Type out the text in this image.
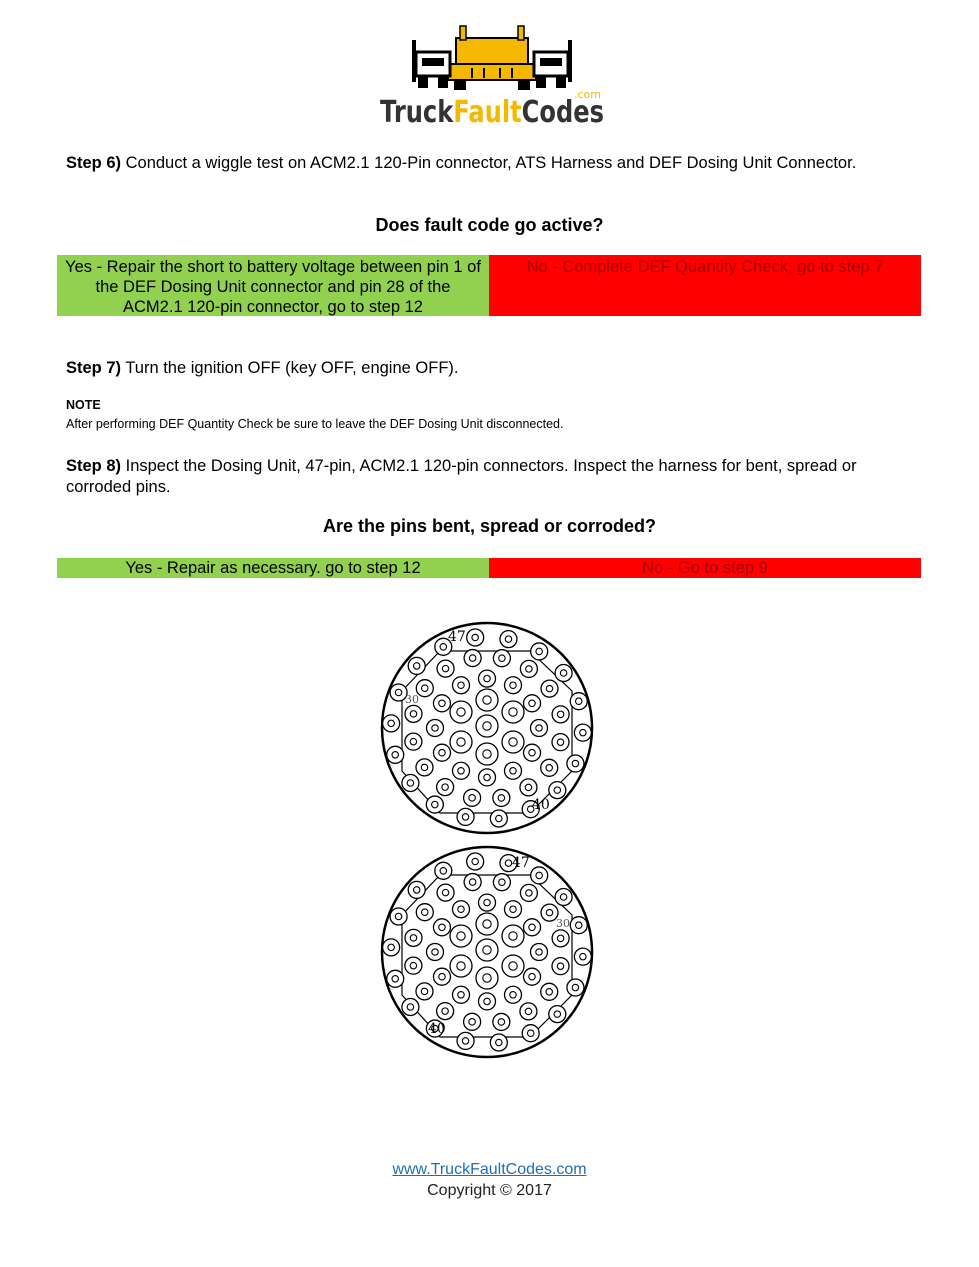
TruckFaultCode
.com
Step 6) Conduct a wiggle test on ACM2.1 120-Pin connector, ATS Harness and DEF Dosing Unit Connector.
Does fault code go active?
Yes - Repair the short to battery voltage between pin 1 of the DEF Dosing Unit connector and pin 28 of the ACM2.1 120-pin connector, go to step 12
No - Complete DEF Quantity Check, go to step 7
Step 7) Turn the ignition OFF (key OFF, engine OFF).
NOTE
After performing DEF Quantity Check be sure to leave the DEF Dosing Unit disconnected.
Step 8) Inspect the Dosing Unit, 47-pin, ACM2.1 120-pin connectors. Inspect the harness for bent, spread or corroded pins.
Are the pins bent, spread or corroded?
Yes - Repair as necessary. go to step 12	No - Go to step 9
47
30
40
47
30
40
www.TruckFaultCodes.com
Copyright © 2017
